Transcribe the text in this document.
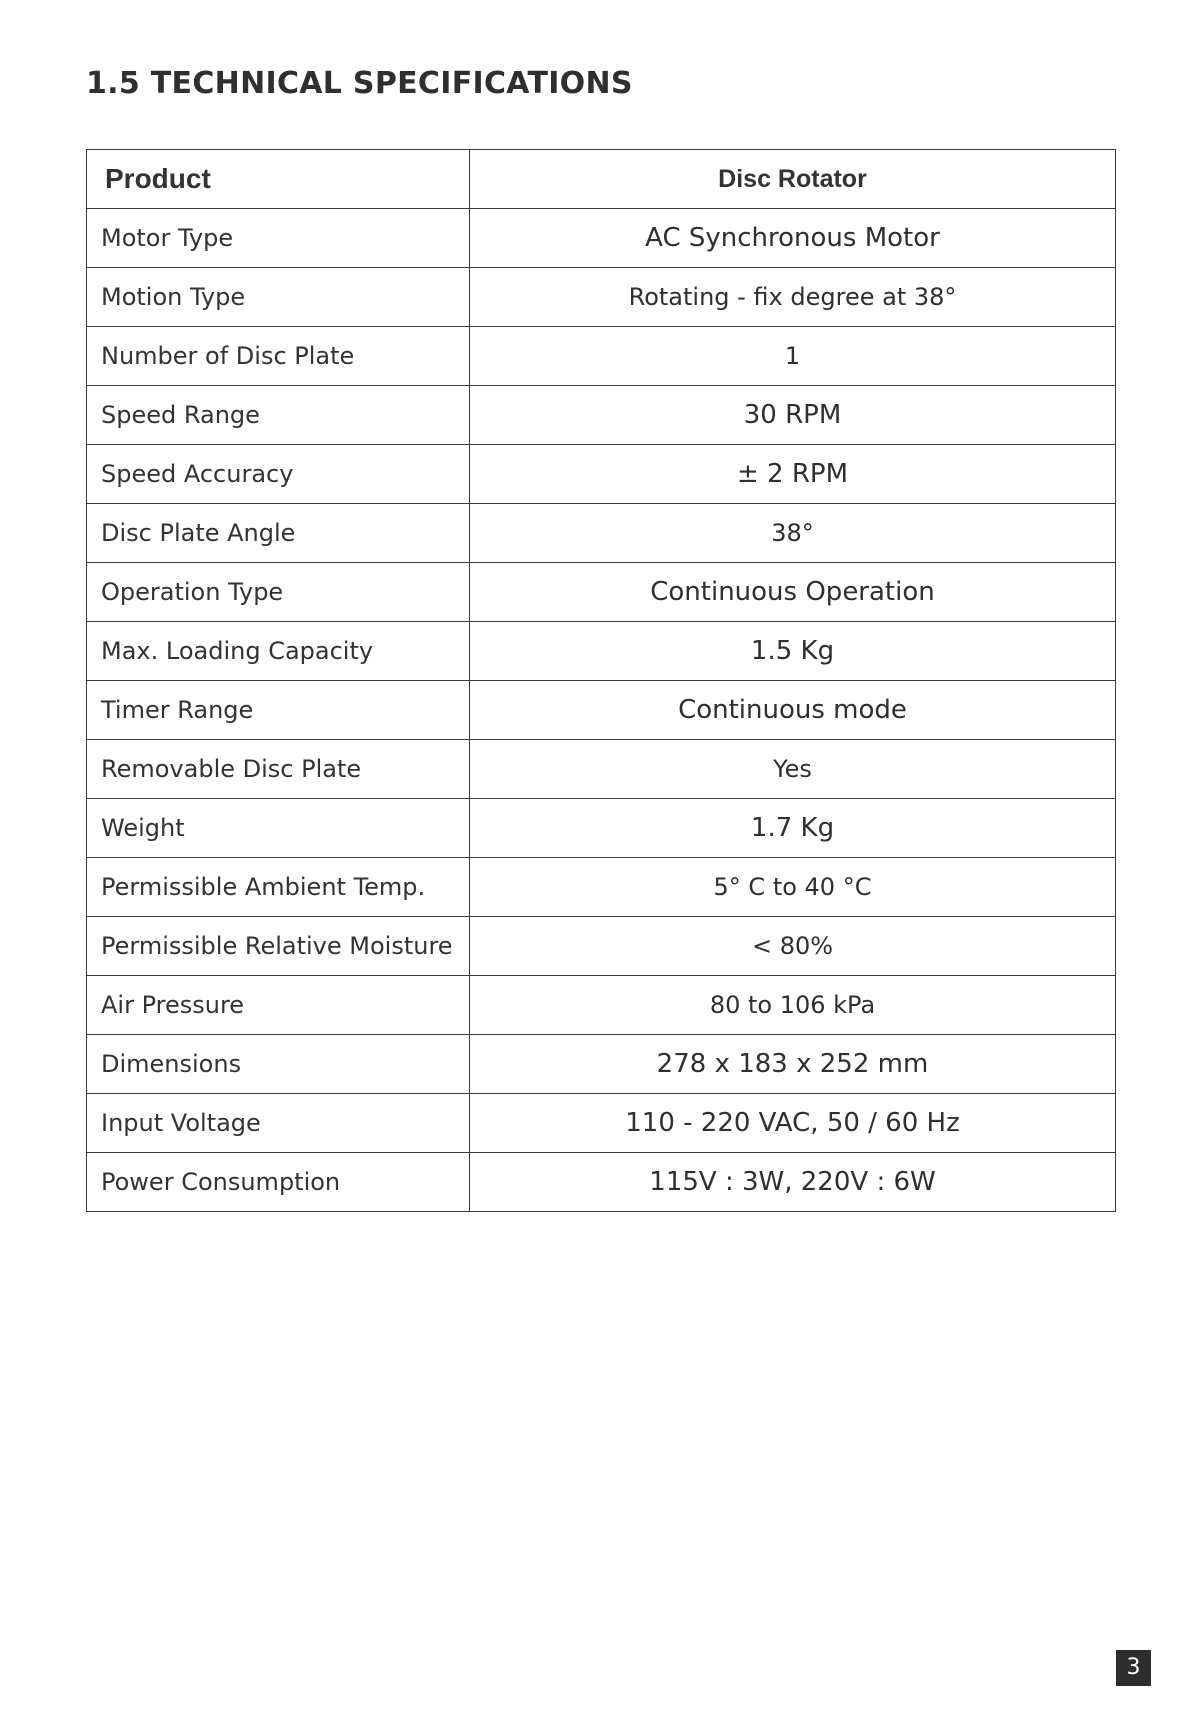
1.5 TECHNICAL SPECIFICATIONS
Product	Disc Rotator
Motor Type	AC Synchronous Motor
Motion Type	Rotating - fix degree at 38°
Number of Disc Plate	1
Speed Range	30 RPM
Speed Accuracy	± 2 RPM
Disc Plate Angle	38°
Operation Type	Continuous Operation
Max. Loading Capacity	1.5 Kg
Timer Range	Continuous mode
Removable Disc Plate	Yes
Weight	1.7 Kg
Permissible Ambient Temp.	5° C to 40 °C
Permissible Relative Moisture	< 80%
Air Pressure	80 to 106 kPa
Dimensions	278 x 183 x 252 mm
Input Voltage	110 - 220 VAC, 50 / 60 Hz
Power Consumption	115V : 3W, 220V : 6W
3
